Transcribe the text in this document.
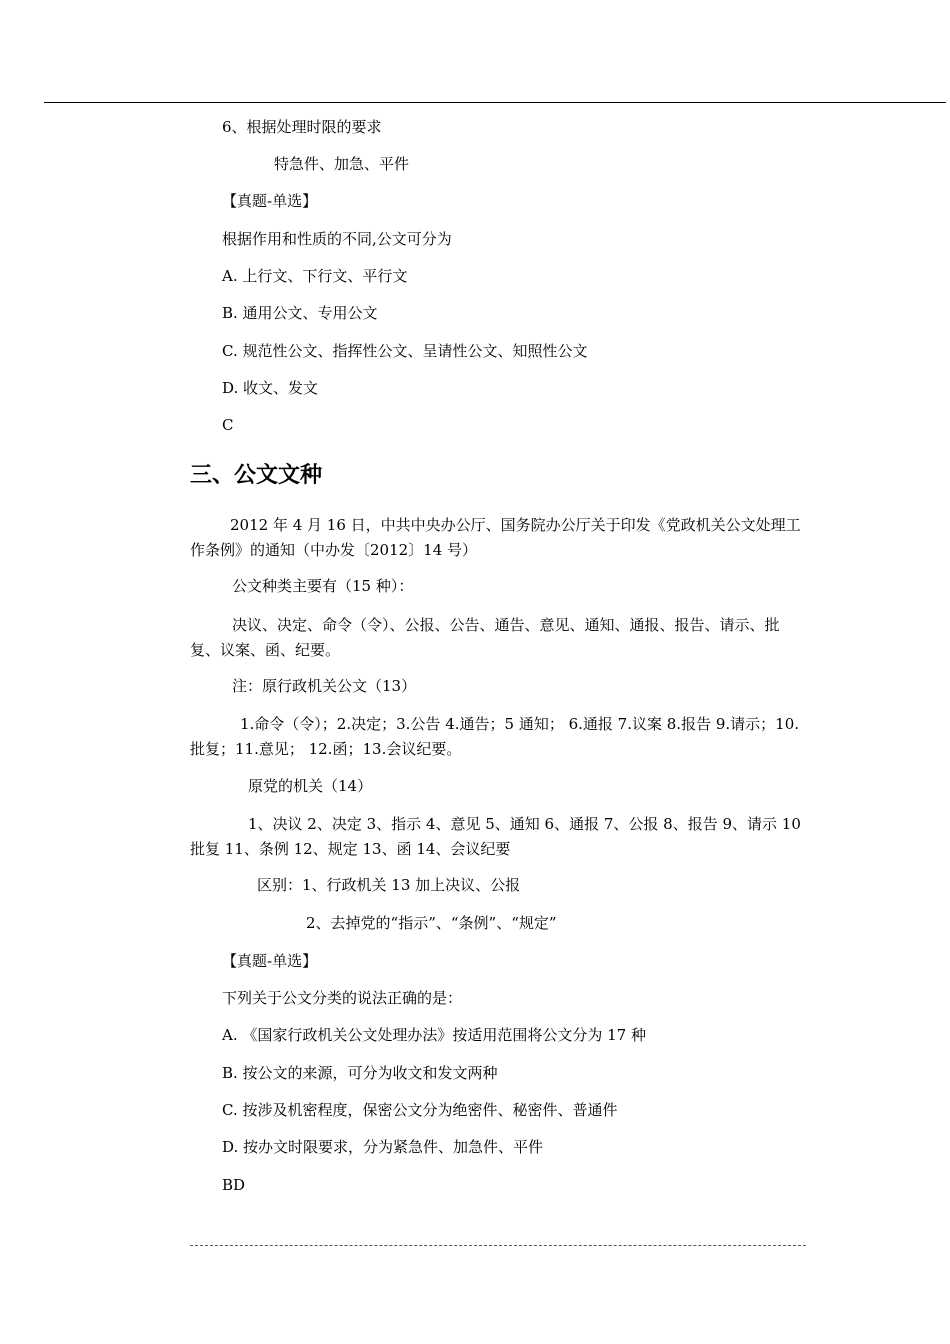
6、根据处理时限的要求
特急件、加急、平件
【真题-单选】
根据作用和性质的不同,公文可分为
A. 上行文、下行文、平行文
B. 通用公文、专用公文
C. 规范性公文、指挥性公文、呈请性公文、知照性公文
D. 收文、发文
C
三、公文文种
2012 年 4 月 16 日，中共中央办公厅、国务院办公厅关于印发《党政机关公文处理工作条例》的通知（中办发〔2012〕14 号）
公文种类主要有（15 种）：
决议、决定、命令（令）、公报、公告、通告、意见、通知、通报、报告、请示、批复、议案、函、纪要。
注：原行政机关公文（13）
1.命令（令）；2.决定；3.公告 4.通告；5 通知； 6.通报 7.议案 8.报告 9.请示；10.批复；11.意见； 12.函；13.会议纪要。
原党的机关（14）
1、决议 2、决定 3、指示 4、意见 5、通知 6、通报 7、公报 8、报告 9、请示 10 批复 11、条例 12、规定 13、函 14、会议纪要
区别：1、行政机关 13 加上决议、公报
2、去掉党的“指示”、“条例”、“规定”
【真题-单选】
下列关于公文分类的说法正确的是：
A. 《国家行政机关公文处理办法》按适用范围将公文分为 17 种
B. 按公文的来源，可分为收文和发文两种
C. 按涉及机密程度，保密公文分为绝密件、秘密件、普通件
D. 按办文时限要求，分为紧急件、加急件、平件
BD
